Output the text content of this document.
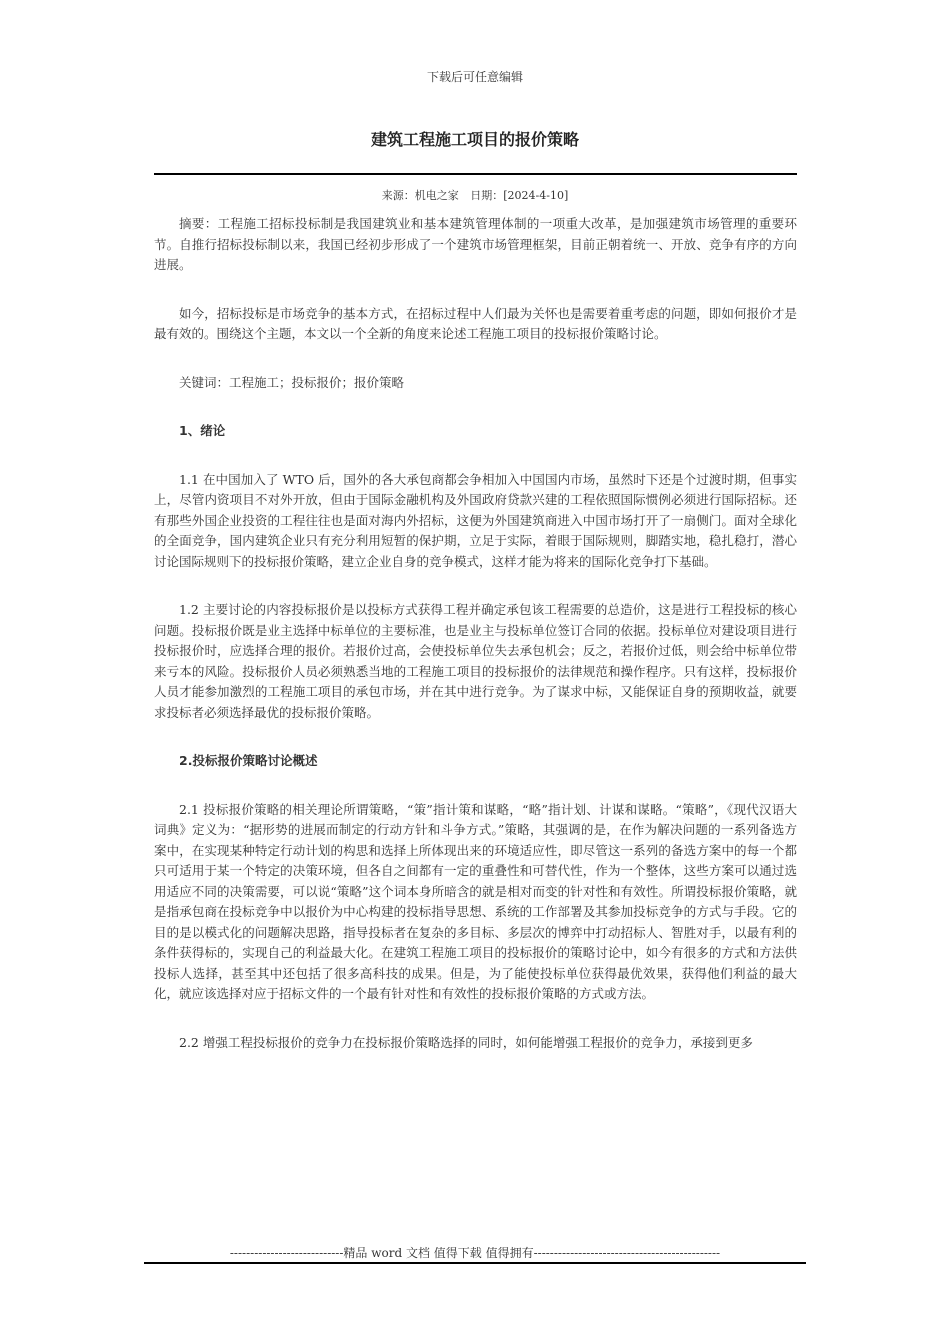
下载后可任意编辑
建筑工程施工项目的报价策略
来源：机电之家 日期：[2024-4-10]

摘要：工程施工招标投标制是我国建筑业和基本建筑管理体制的一项重大改革，是加强建筑市场管理的重要环节。自推行招标投标制以来，我国已经初步形成了一个建筑市场管理框架，目前正朝着统一、开放、竞争有序的方向进展。

如今，招标投标是市场竞争的基本方式，在招标过程中人们最为关怀也是需要着重考虑的问题，即如何报价才是最有效的。围绕这个主题，本文以一个全新的角度来论述工程施工项目的投标报价策略讨论。

关键词：工程施工；投标报价；报价策略

1、绪论

1.1 在中国加入了 WTO 后，国外的各大承包商都会争相加入中国国内市场，虽然时下还是个过渡时期，但事实上，尽管内资项目不对外开放，但由于国际金融机构及外国政府贷款兴建的工程依照国际惯例必须进行国际招标。还有那些外国企业投资的工程往往也是面对海内外招标，这便为外国建筑商进入中国市场打开了一扇侧门。面对全球化的全面竞争，国内建筑企业只有充分利用短暂的保护期，立足于实际，着眼于国际规则，脚踏实地，稳扎稳打，潜心讨论国际规则下的投标报价策略，建立企业自身的竞争模式，这样才能为将来的国际化竞争打下基础。

1.2 主要讨论的内容投标报价是以投标方式获得工程并确定承包该工程需要的总造价，这是进行工程投标的核心问题。投标报价既是业主选择中标单位的主要标准，也是业主与投标单位签订合同的依据。投标单位对建设项目进行投标报价时，应选择合理的报价。若报价过高，会使投标单位失去承包机会；反之，若报价过低，则会给中标单位带来亏本的风险。投标报价人员必须熟悉当地的工程施工项目的投标报价的法律规范和操作程序。只有这样，投标报价人员才能参加激烈的工程施工项目的承包市场，并在其中进行竞争。为了谋求中标，又能保证自身的预期收益，就要求投标者必须选择最优的投标报价策略。

2.投标报价策略讨论概述

2.1 投标报价策略的相关理论所谓策略，“策”指计策和谋略，“略”指计划、计谋和谋略。“策略”，《现代汉语大词典》定义为：“据形势的进展而制定的行动方针和斗争方式。”策略，其强调的是，在作为解决问题的一系列备选方案中，在实现某种特定行动计划的构思和选择上所体现出来的环境适应性，即尽管这一系列的备选方案中的每一个都只可适用于某一个特定的决策环境，但各自之间都有一定的重叠性和可替代性，作为一个整体，这些方案可以通过选用适应不同的决策需要，可以说“策略”这个词本身所暗含的就是相对而变的针对性和有效性。所谓投标报价策略，就是指承包商在投标竞争中以报价为中心构建的投标指导思想、系统的工作部署及其参加投标竞争的方式与手段。它的目的是以模式化的问题解决思路，指导投标者在复杂的多目标、多层次的博弈中打动招标人、智胜对手，以最有利的条件获得标的，实现自己的利益最大化。在建筑工程施工项目的投标报价的策略讨论中，如今有很多的方式和方法供投标人选择，甚至其中还包括了很多高科技的成果。但是，为了能使投标单位获得最优效果，获得他们利益的最大化，就应该选择对应于招标文件的一个最有针对性和有效性的投标报价策略的方式或方法。

2.2 增强工程投标报价的竞争力在投标报价策略选择的同时，如何能增强工程报价的竞争力，承接到更多

----------------------------精品 word 文档 值得下载 值得拥有----------------------------------------------
